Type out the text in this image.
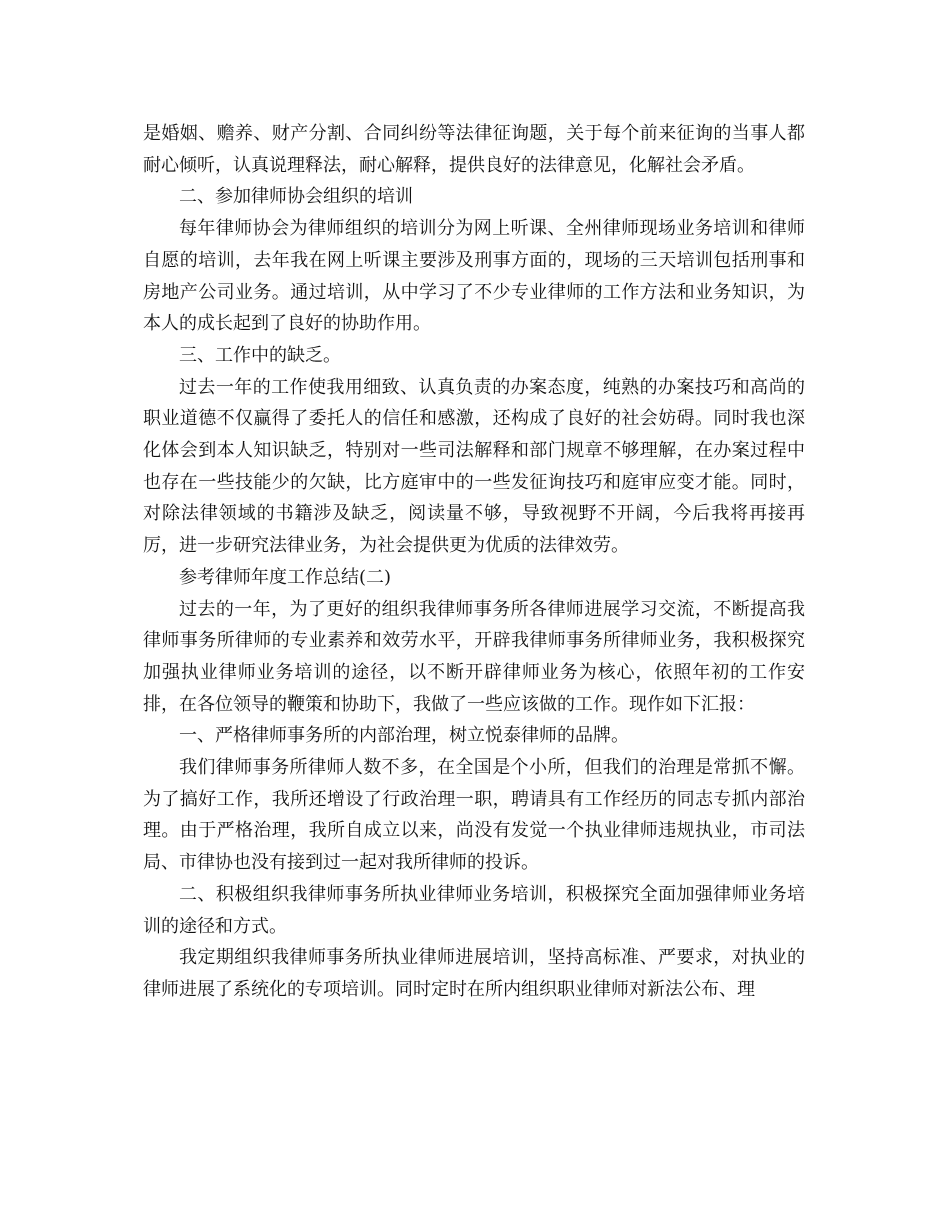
是婚姻、赡养、财产分割、合同纠纷等法律征询题，关于每个前来征询的当事人都耐心倾听，认真说理释法，耐心解释，提供良好的法律意见，化解社会矛盾。

二、参加律师协会组织的培训

每年律师协会为律师组织的培训分为网上听课、全州律师现场业务培训和律师自愿的培训，去年我在网上听课主要涉及刑事方面的，现场的三天培训包括刑事和房地产公司业务。通过培训，从中学习了不少专业律师的工作方法和业务知识，为本人的成长起到了良好的协助作用。

三、工作中的缺乏。

过去一年的工作使我用细致、认真负责的办案态度，纯熟的办案技巧和高尚的职业道德不仅赢得了委托人的信任和感激，还构成了良好的社会妨碍。同时我也深化体会到本人知识缺乏，特别对一些司法解释和部门规章不够理解，在办案过程中也存在一些技能少的欠缺，比方庭审中的一些发征询技巧和庭审应变才能。同时，对除法律领域的书籍涉及缺乏，阅读量不够，导致视野不开阔，今后我将再接再厉，进一步研究法律业务，为社会提供更为优质的法律效劳。

参考律师年度工作总结(二)

过去的一年，为了更好的组织我律师事务所各律师进展学习交流，不断提高我律师事务所律师的专业素养和效劳水平，开辟我律师事务所律师业务，我积极探究加强执业律师业务培训的途径，以不断开辟律师业务为核心，依照年初的工作安排，在各位领导的鞭策和协助下，我做了一些应该做的工作。现作如下汇报：

一、严格律师事务所的内部治理，树立悦泰律师的品牌。

我们律师事务所律师人数不多，在全国是个小所，但我们的治理是常抓不懈。为了搞好工作，我所还增设了行政治理一职，聘请具有工作经历的同志专抓内部治理。由于严格治理，我所自成立以来，尚没有发觉一个执业律师违规执业，市司法局、市律协也没有接到过一起对我所律师的投诉。

二、积极组织我律师事务所执业律师业务培训，积极探究全面加强律师业务培训的途径和方式。

我定期组织我律师事务所执业律师进展培训，坚持高标准、严要求，对执业的律师进展了系统化的专项培训。同时定时在所内组织职业律师对新法公布、理
